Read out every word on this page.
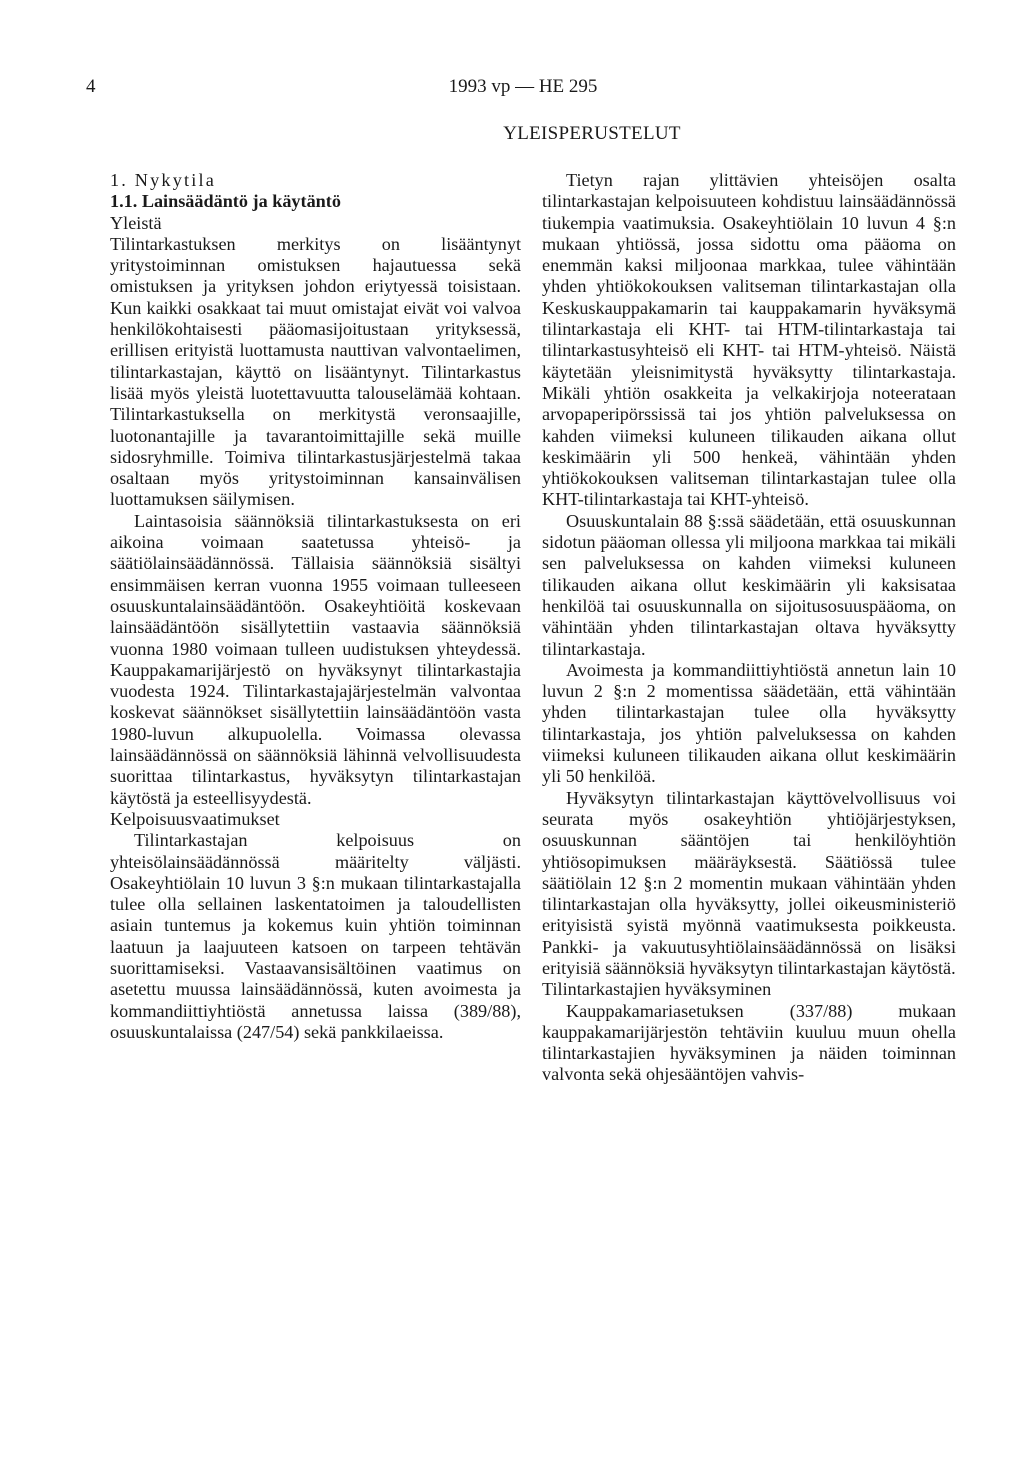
4	1993 vp — HE 295
YLEISPERUSTELUT

1. Nykytila

1.1. Lainsäädäntö ja käytäntö

Yleistä

Tilintarkastuksen merkitys on lisääntynyt yritystoiminnan omistuksen hajautuessa sekä omistuksen ja yrityksen johdon eriytyessä toisistaan. Kun kaikki osakkaat tai muut omistajat eivät voi valvoa henkilökohtaisesti pääomasijoitustaan yrityksessä, erillisen erityistä luottamusta nauttivan valvontaelimen, tilintarkastajan, käyttö on lisääntynyt. Tilintarkastus lisää myös yleistä luotettavuutta talouselämää kohtaan. Tilintarkastuksella on merkitystä veronsaajille, luotonantajille ja tavarantoimittajille sekä muille sidosryhmille. Toimiva tilintarkastusjärjestelmä takaa osaltaan myös yritystoiminnan kansainvälisen luottamuksen säilymisen.

Laintasoisia säännöksiä tilintarkastuksesta on eri aikoina voimaan saatetussa yhteisö- ja säätiölainsäädännössä. Tällaisia säännöksiä sisältyi ensimmäisen kerran vuonna 1955 voimaan tulleeseen osuuskuntalainsäädäntöön. Osakeyhtiöitä koskevaan lainsäädäntöön sisällytettiin vastaavia säännöksiä vuonna 1980 voimaan tulleen uudistuksen yhteydessä. Kauppakamarijärjestö on hyväksynyt tilintarkastajia vuodesta 1924. Tilintarkastajajärjestelmän valvontaa koskevat säännökset sisällytettiin lainsäädäntöön vasta 1980-luvun alkupuolella. Voimassa olevassa lainsäädännössä on säännöksiä lähinnä velvollisuudesta suorittaa tilintarkastus, hyväksytyn tilintarkastajan käytöstä ja esteellisyydestä.

Kelpoisuusvaatimukset

Tilintarkastajan kelpoisuus on yhteisölainsäädännössä määritelty väljästi. Osakeyhtiölain 10 luvun 3 §:n mukaan tilintarkastajalla tulee olla sellainen laskentatoimen ja taloudellisten asiain tuntemus ja kokemus kuin yhtiön toiminnan laatuun ja laajuuteen katsoen on tarpeen tehtävän suorittamiseksi. Vastaavansisältöinen vaatimus on asetettu muussa lainsäädännössä, kuten avoimesta ja kommandiittiyhtiöstä annetussa laissa (389/88), osuuskuntalaissa (247/54) sekä pankkilaeissa.

Tietyn rajan ylittävien yhteisöjen osalta tilintarkastajan kelpoisuuteen kohdistuu lainsäädännössä tiukempia vaatimuksia. Osakeyhtiölain 10 luvun 4 §:n mukaan yhtiössä, jossa sidottu oma pääoma on enemmän kaksi miljoonaa markkaa, tulee vähintään yhden yhtiökokouksen valitseman tilintarkastajan olla Keskuskauppakamarin tai kauppakamarin hyväksymä tilintarkastaja eli KHT- tai HTM-tilintarkastaja tai tilintarkastusyhteisö eli KHT- tai HTM-yhteisö. Näistä käytetään yleisnimitystä hyväksytty tilintarkastaja. Mikäli yhtiön osakkeita ja velkakirjoja noteerataan arvopaperipörssissä tai jos yhtiön palveluksessa on kahden viimeksi kuluneen tilikauden aikana ollut keskimäärin yli 500 henkeä, vähintään yhden yhtiökokouksen valitseman tilintarkastajan tulee olla KHT-tilintarkastaja tai KHT-yhteisö.

Osuuskuntalain 88 §:ssä säädetään, että osuuskunnan sidotun pääoman ollessa yli miljoona markkaa tai mikäli sen palveluksessa on kahden viimeksi kuluneen tilikauden aikana ollut keskimäärin yli kaksisataa henkilöä tai osuuskunnalla on sijoitusosuuspääoma, on vähintään yhden tilintarkastajan oltava hyväksytty tilintarkastaja.

Avoimesta ja kommandiittiyhtiöstä annetun lain 10 luvun 2 §:n 2 momentissa säädetään, että vähintään yhden tilintarkastajan tulee olla hyväksytty tilintarkastaja, jos yhtiön palveluksessa on kahden viimeksi kuluneen tilikauden aikana ollut keskimäärin yli 50 henkilöä.

Hyväksytyn tilintarkastajan käyttövelvollisuus voi seurata myös osakeyhtiön yhtiöjärjestyksen, osuuskunnan sääntöjen tai henkilöyhtiön yhtiösopimuksen määräyksestä. Säätiössä tulee säätiölain 12 §:n 2 momentin mukaan vähintään yhden tilintarkastajan olla hyväksytty, jollei oikeusministeriö erityisistä syistä myönnä vaatimuksesta poikkeusta. Pankki- ja vakuutusyhtiölainsäädännössä on lisäksi erityisiä säännöksiä hyväksytyn tilintarkastajan käytöstä.

Tilintarkastajien hyväksyminen

Kauppakamariasetuksen (337/88) mukaan kauppakamarijärjestön tehtäviin kuuluu muun ohella tilintarkastajien hyväksyminen ja näiden toiminnan valvonta sekä ohjesääntöjen vahvis-
